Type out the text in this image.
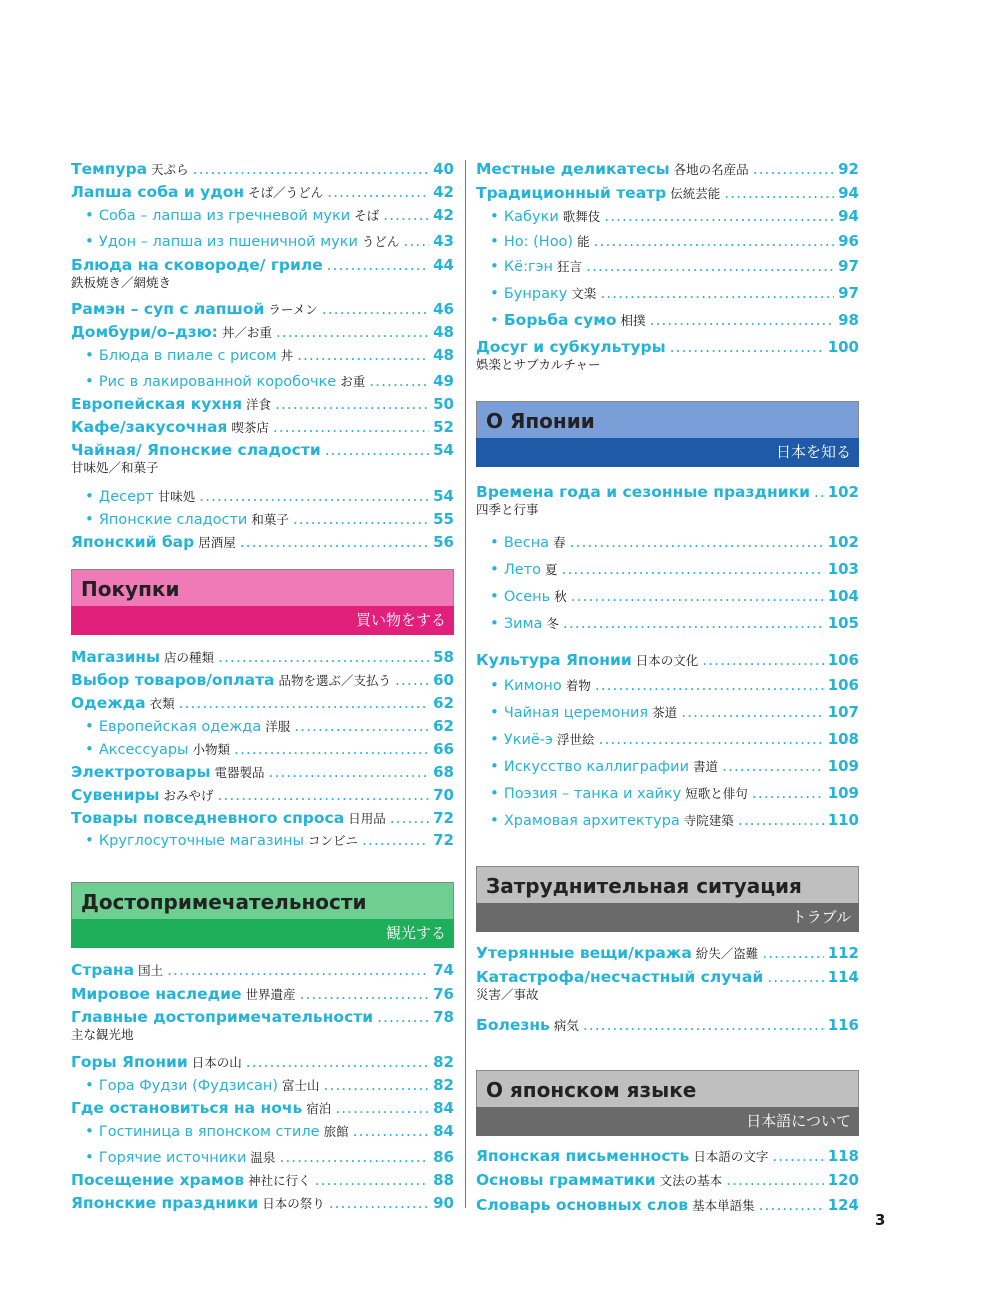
Темпура 天ぷら .....	40
Лапша соба и удон そば／うどん .....	42
• Соба – лапша из гречневой муки そば .....	42
• Удон – лапша из пшеничной муки うどん ..... 43
Блюда на сковороде/ гриле .....	44
鉄板焼き／網焼き
Рамэн – суп с лапшой ラーメン .....	46
Домбури/о–дзю: 丼／お重 .....	48
• Блюда в пиале с рисом 丼 .....	48
• Рис в лакированной коробочке お重 .....	49
Европейская кухня 洋食 .....	50
Кафе/закусочная 喫茶店 .....	52
Чайная/ Японские сладости .....	54
甘味処／和菓子
• Десерт 甘味処 .....	54
• Японские сладости 和菓子 .....	55
Японский бар 居酒屋 .....	56
Покупки
買い物をする
Магазины 店の種類 .....	58
Выбор товаров/оплата 品物を選ぶ／支払う .....	60
Одежда 衣類 .....	62
• Европейская одежда 洋服 .....	62
• Аксессуары 小物類 .....	66
Электротовары 電器製品 .....	68
Сувениры おみやげ .....	70
Товары повседневного спроса 日用品 .....	72
• Круглосуточные магазины コンビニ .....	72
Достопримечательности
観光する
Страна 国土 .....	74
Мировое наследие 世界遺産 .....	76
Главные достопримечательности .....	78
主な観光地
Горы Японии 日本の山 .....	82
• Гора Фудзи (Фудзисан) 富士山 .....	82
Где остановиться на ночь 宿泊 .....	84
• Гостиница в японском стиле 旅館 .....	84
• Горячие источники 温泉 .....	86
Посещение храмов 神社に行く .....	88
Японские праздники 日本の祭り .....	90
Местные деликатесы 各地の名産品 .....	92
Традиционный театр 伝統芸能 .....	94
• Кабуки 歌舞伎 .....	94
• Но: (Ноо) 能 .....	96
• Кё:гэн 狂言 .....	97
• Бунраку 文楽 .....	97
• Борьба сумо 相撲 .....	98
Досуг и субкультуры .....	100
娯楽とサブカルチャー
О Японии
日本を知る
Времена года и сезонные праздники ..... 102
四季と行事
• Весна 春 .....	102
• Лето 夏 .....	103
• Осень 秋 .....	104
• Зима 冬 .....	105
Культура Японии 日本の文化 .....	106
• Кимоно 着物 .....	106
• Чайная церемония 茶道 .....	107
• Укиё-э 浮世絵 .....	108
• Искусство каллиграфии 書道 .....	109
• Поэзия – танка и хайку 短歌と俳句 .....	109
• Храмовая архитектура 寺院建築 .....	110
Затруднительная ситуация
トラブル
Утерянные вещи/кража 紛失／盗難 .....	112
Катастрофа/несчастный случай .....	114
災害／事故
Болезнь 病気 .....	116
О японском языке
日本語について
Японская письменность 日本語の文字 .....	118
Основы грамматики 文法の基本 .....	120
Словарь основных слов 基本単語集 .....	124
3
